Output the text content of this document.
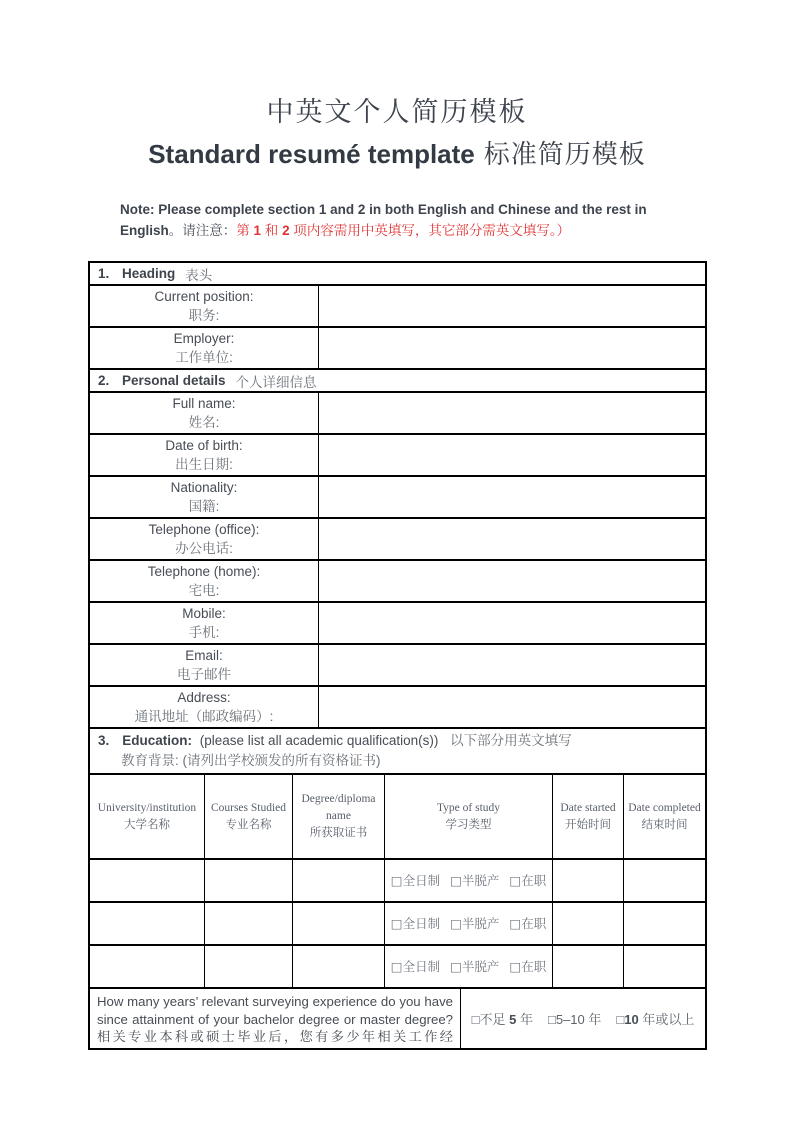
中英文个人简历模板
Standard resumé template 标准简历模板
Note: Please complete section 1 and 2 in both English and Chinese and the rest in English。请注意：第 1 和 2 项内容需用中英填写，其它部分需英文填写。）
1. Heading 表头
Current position:
职务:
Employer:
工作单位:
2. Personal details 个人详细信息
Full name:
姓名:
Date of birth:
出生日期:
Nationality:
国籍:
Telephone (office):
办公电话:
Telephone (home):
宅电:
Mobile:
手机:
Email:
电子邮件
Address:
通讯地址（邮政编码）:
3. Education: (please list all academic qualification(s)) 以下部分用英文填写
教育背景: (请列出学校颁发的所有资格证书)
University/institution
大学名称
Courses Studied
专业名称
Degree/diploma name
所获取证书
Type of study
学习类型
Date started
开始时间
Date completed
结束时间
□全日制 □半脱产 □在职
□全日制 □半脱产 □在职
□全日制 □半脱产 □在职
How many years’ relevant surveying experience do you have since attainment of your bachelor degree or master degree? 相关专业本科或硕士毕业后，您有多少年相关工作经
□不足 5 年 □5–10 年 □10 年或以上
